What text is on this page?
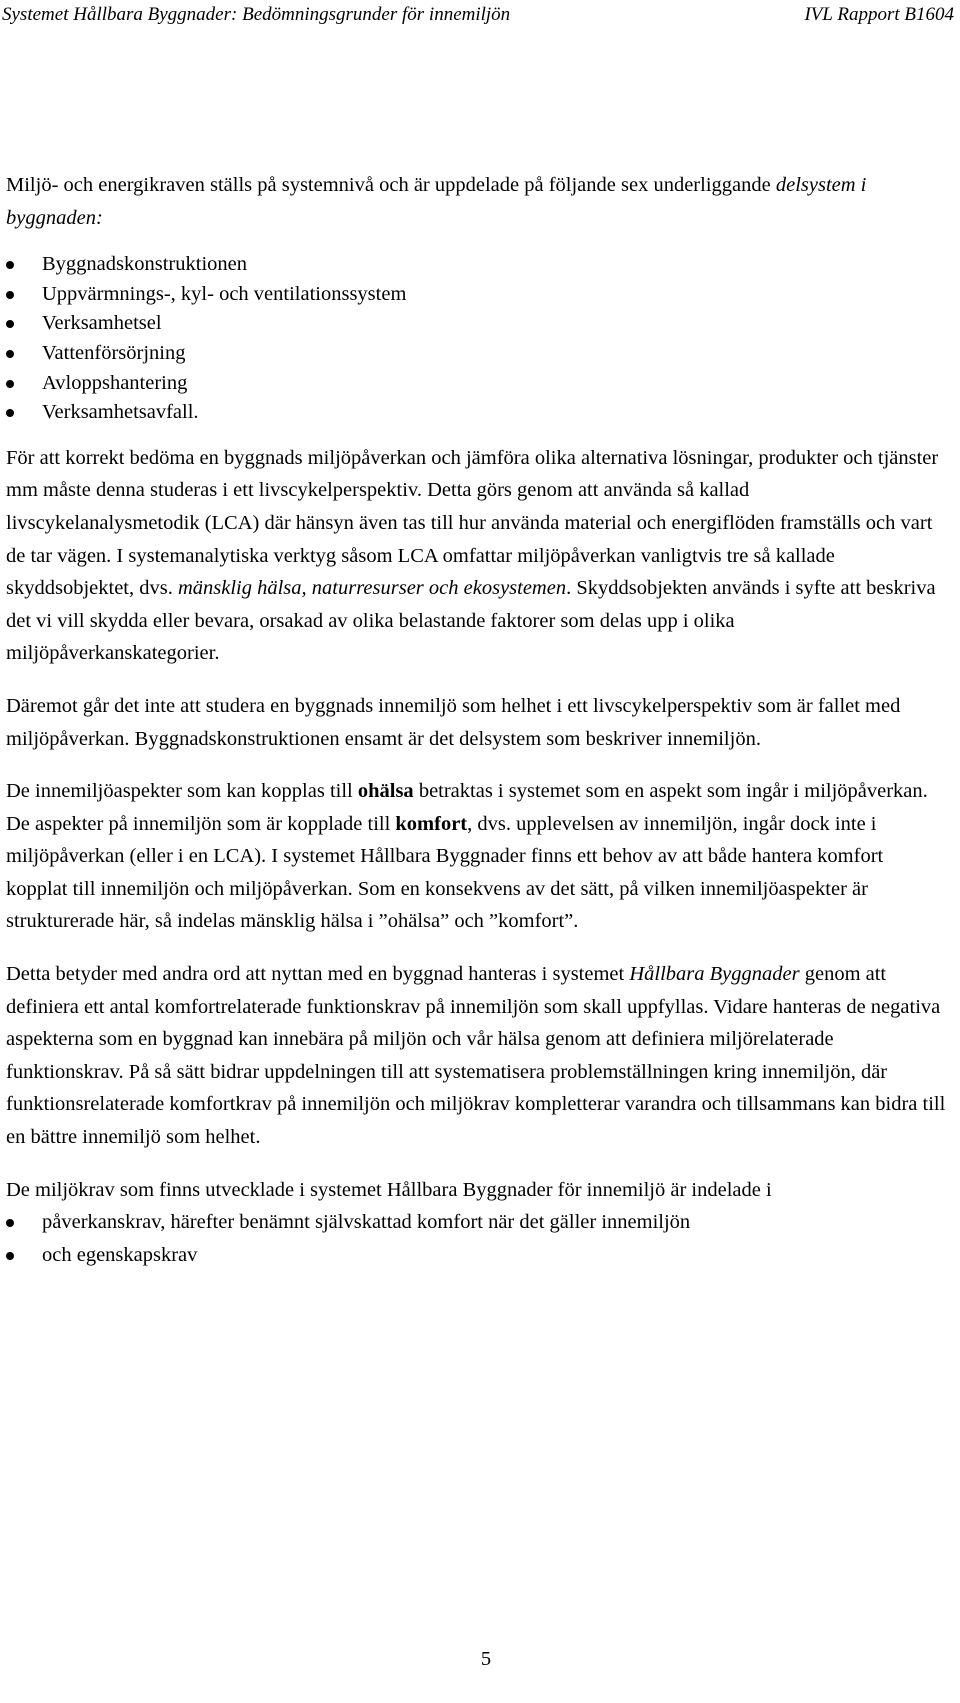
Systemet Hållbara Byggnader: Bedömningsgrunder för innemiljön	IVL Rapport B1604

Miljö- och energikraven ställs på systemnivå och är uppdelade på följande sex underliggande delsystem i byggnaden:

Byggnadskonstruktionen
Uppvärmnings-, kyl- och ventilationssystem
Verksamhetsel
Vattenförsörjning
Avloppshantering
Verksamhetsavfall.

För att korrekt bedöma en byggnads miljöpåverkan och jämföra olika alternativa lösningar, produkter och tjänster mm måste denna studeras i ett livscykelperspektiv. Detta görs genom att använda så kallad livscykelanalysmetodik (LCA) där hänsyn även tas till hur använda material och energiflöden framställs och vart de tar vägen. I systemanalytiska verktyg såsom LCA omfattar miljöpåverkan vanligtvis tre så kallade skyddsobjektet, dvs. mänsklig hälsa, naturresurser och ekosystemen. Skyddsobjekten används i syfte att beskriva det vi vill skydda eller bevara, orsakad av olika belastande faktorer som delas upp i olika miljöpåverkanskategorier.

Däremot går det inte att studera en byggnads innemiljö som helhet i ett livscykelperspektiv som är fallet med miljöpåverkan. Byggnadskonstruktionen ensamt är det delsystem som beskriver innemiljön.

De innemiljöaspekter som kan kopplas till ohälsa betraktas i systemet som en aspekt som ingår i miljöpåverkan. De aspekter på innemiljön som är kopplade till komfort, dvs. upplevelsen av innemiljön, ingår dock inte i miljöpåverkan (eller i en LCA). I systemet Hållbara Byggnader finns ett behov av att både hantera komfort kopplat till innemiljön och miljöpåverkan. Som en konsekvens av det sätt, på vilken innemiljöaspekter är strukturerade här, så indelas mänsklig hälsa i ”ohälsa” och ”komfort”.

Detta betyder med andra ord att nyttan med en byggnad hanteras i systemet Hållbara Byggnader genom att definiera ett antal komfortrelaterade funktionskrav på innemiljön som skall uppfyllas. Vidare hanteras de negativa aspekterna som en byggnad kan innebära på miljön och vår hälsa genom att definiera miljörelaterade funktionskrav. På så sätt bidrar uppdelningen till att systematisera problemställningen kring innemiljön, där funktionsrelaterade komfortkrav på innemiljön och miljökrav kompletterar varandra och tillsammans kan bidra till en bättre innemiljö som helhet.

De miljökrav som finns utvecklade i systemet Hållbara Byggnader för innemiljö är indelade i

påverkanskrav, härefter benämnt självskattad komfort när det gäller innemiljön
och egenskapskrav
5
